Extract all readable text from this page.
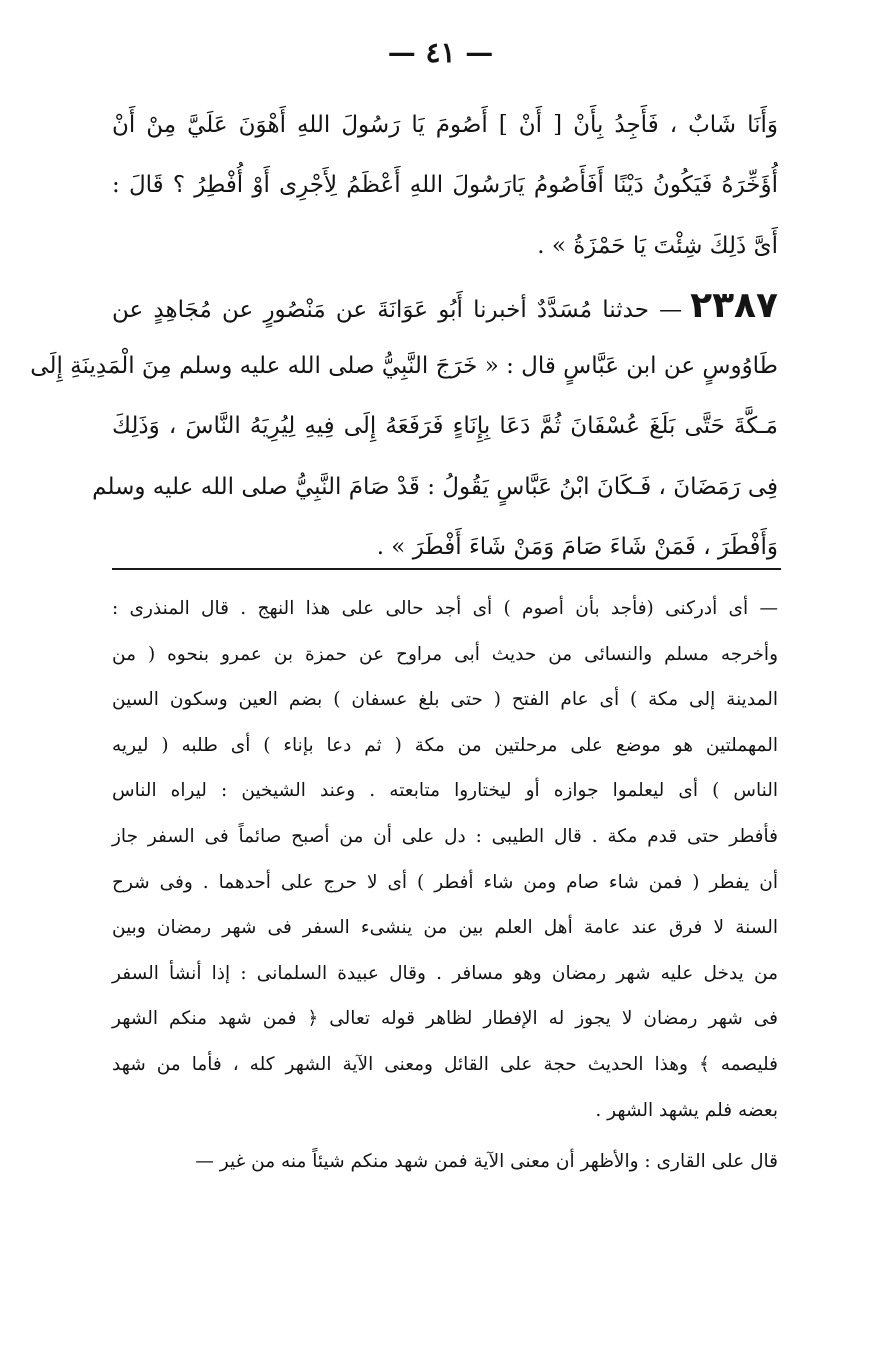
— ٤١ —
وَأَنَا شَابٌ ، فَأَجِدُ بِأَنْ [ أَنْ ] أَصُومَ يَا رَسُولَ اللهِ أَهْوَنَ عَلَيَّ مِنْ أَنْ
أُؤَخِّرَهُ فَيَكُونُ دَيْنًا أَفَأَصُومُ يَارَسُولَ اللهِ أَعْظَمُ لِأَجْرِى أَوْ أُفْطِرُ ؟ قَالَ :
أَىَّ ذَلِكَ شِئْتَ يَا حَمْزَةُ » .
٢٣٨٧— حدثنا مُسَدَّدٌ أخبرنا أَبُو عَوَانَةَ عن مَنْصُورٍ عن مُجَاهِدٍ عن
طَاوُوسٍ عن ابن عَبَّاسٍ قال : « خَرَجَ النَّبِيُّ صلى الله عليه وسلم مِنَ الْمَدِينَةِ إِلَى
مَـكَّةَ حَتَّى بَلَغَ عُسْفَانَ ثُمَّ دَعَا بِإِنَاءٍ فَرَفَعَهُ إِلَى فِيهِ لِيُرِيَهُ النَّاسَ ، وَذَلِكَ
فِى رَمَضَانَ ، فَـكَانَ ابْنُ عَبَّاسٍ يَقُولُ : قَدْ صَامَ النَّبِيُّ صلى الله عليه وسلم
وَأَفْطَرَ ، فَمَنْ شَاءَ صَامَ وَمَنْ شَاءَ أَفْطَرَ » .
— أى أدركنى (فأجد بأن أصوم ) أى أجد حالى على هذا النهج . قال المنذرى :
وأخرجه مسلم والنسائى من حديث أبى مراوح عن حمزة بن عمرو بنحوه ( من
المدينة إلى مكة ) أى عام الفتح ( حتى بلغ عسفان ) بضم العين وسكون السين
المهملتين هو موضع على مرحلتين من مكة ( ثم دعا بإناء ) أى طلبه ( ليريه
الناس ) أى ليعلموا جوازه أو ليختاروا متابعته . وعند الشيخين : ليراه الناس
فأفطر حتى قدم مكة . قال الطيبى : دل على أن من أصبح صائماً فى السفر جاز
أن يفطر ( فمن شاء صام ومن شاء أفطر ) أى لا حرج على أحدهما . وفى شرح
السنة لا فرق عند عامة أهل العلم بين من ينشىء السفر فى شهر رمضان وبين
من يدخل عليه شهر رمضان وهو مسافر . وقال عبيدة السلمانى : إذا أنشأ السفر
فى شهر رمضان لا يجوز له الإفطار لظاهر قوله تعالى ﴿ فمن شهد منكم الشهر
فليصمه ﴾ وهذا الحديث حجة على القائل ومعنى الآية الشهر كله ، فأما من شهد
بعضه فلم يشهد الشهر .
قال على القارى : والأظهر أن معنى الآية فمن شهد منكم شيئاً منه من غير —
